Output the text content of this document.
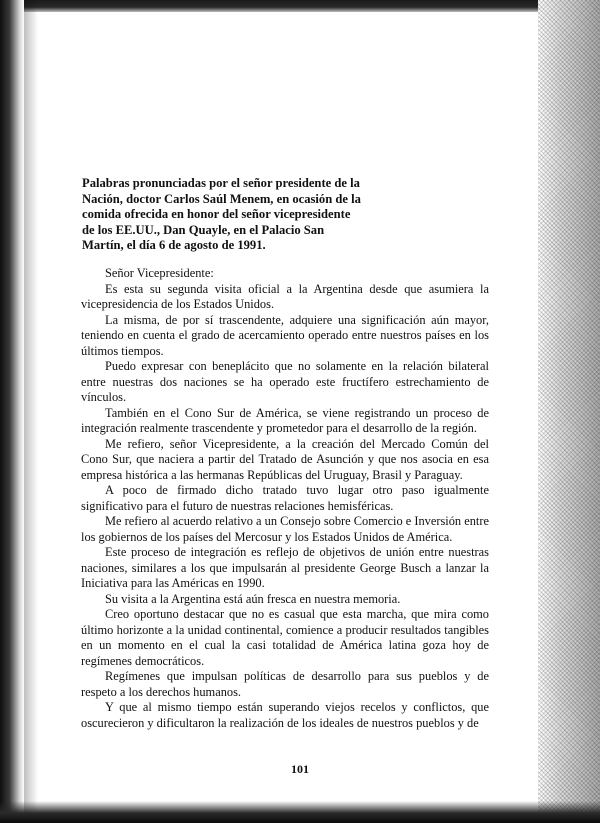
Palabras pronunciadas por el señor presidente de la Nación, doctor Carlos Saúl Menem, en ocasión de la comida ofrecida en honor del señor vicepresidente de los EE.UU., Dan Quayle, en el Palacio San Martín, el día 6 de agosto de 1991.

Señor Vicepresidente:

Es esta su segunda visita oficial a la Argentina desde que asumiera la vicepresidencia de los Estados Unidos.

La misma, de por sí trascendente, adquiere una significación aún mayor, teniendo en cuenta el grado de acercamiento operado entre nuestros países en los últimos tiempos.

Puedo expresar con beneplácito que no solamente en la relación bilateral entre nuestras dos naciones se ha operado este fructífero estrechamiento de vínculos.

También en el Cono Sur de América, se viene registrando un proceso de integración realmente trascendente y prometedor para el desarrollo de la región.

Me refiero, señor Vicepresidente, a la creación del Mercado Común del Cono Sur, que naciera a partir del Tratado de Asunción y que nos asocia en esa empresa histórica a las hermanas Repúblicas del Uruguay, Brasil y Paraguay.

A poco de firmado dicho tratado tuvo lugar otro paso igualmente significativo para el futuro de nuestras relaciones hemisféricas.

Me refiero al acuerdo relativo a un Consejo sobre Comercio e Inversión entre los gobiernos de los países del Mercosur y los Estados Unidos de América.

Este proceso de integración es reflejo de objetivos de unión entre nuestras naciones, similares a los que impulsarán al presidente George Busch a lanzar la Iniciativa para las Américas en 1990.

Su visita a la Argentina está aún fresca en nuestra memoria.

Creo oportuno destacar que no es casual que esta marcha, que mira como último horizonte a la unidad continental, comience a producir resultados tangibles en un momento en el cual la casi totalidad de América latina goza hoy de regímenes democráticos.

Regímenes que impulsan políticas de desarrollo para sus pueblos y de respeto a los derechos humanos.

Y que al mismo tiempo están superando viejos recelos y conflictos, que oscurecieron y dificultaron la realización de los ideales de nuestros pueblos y de

101
